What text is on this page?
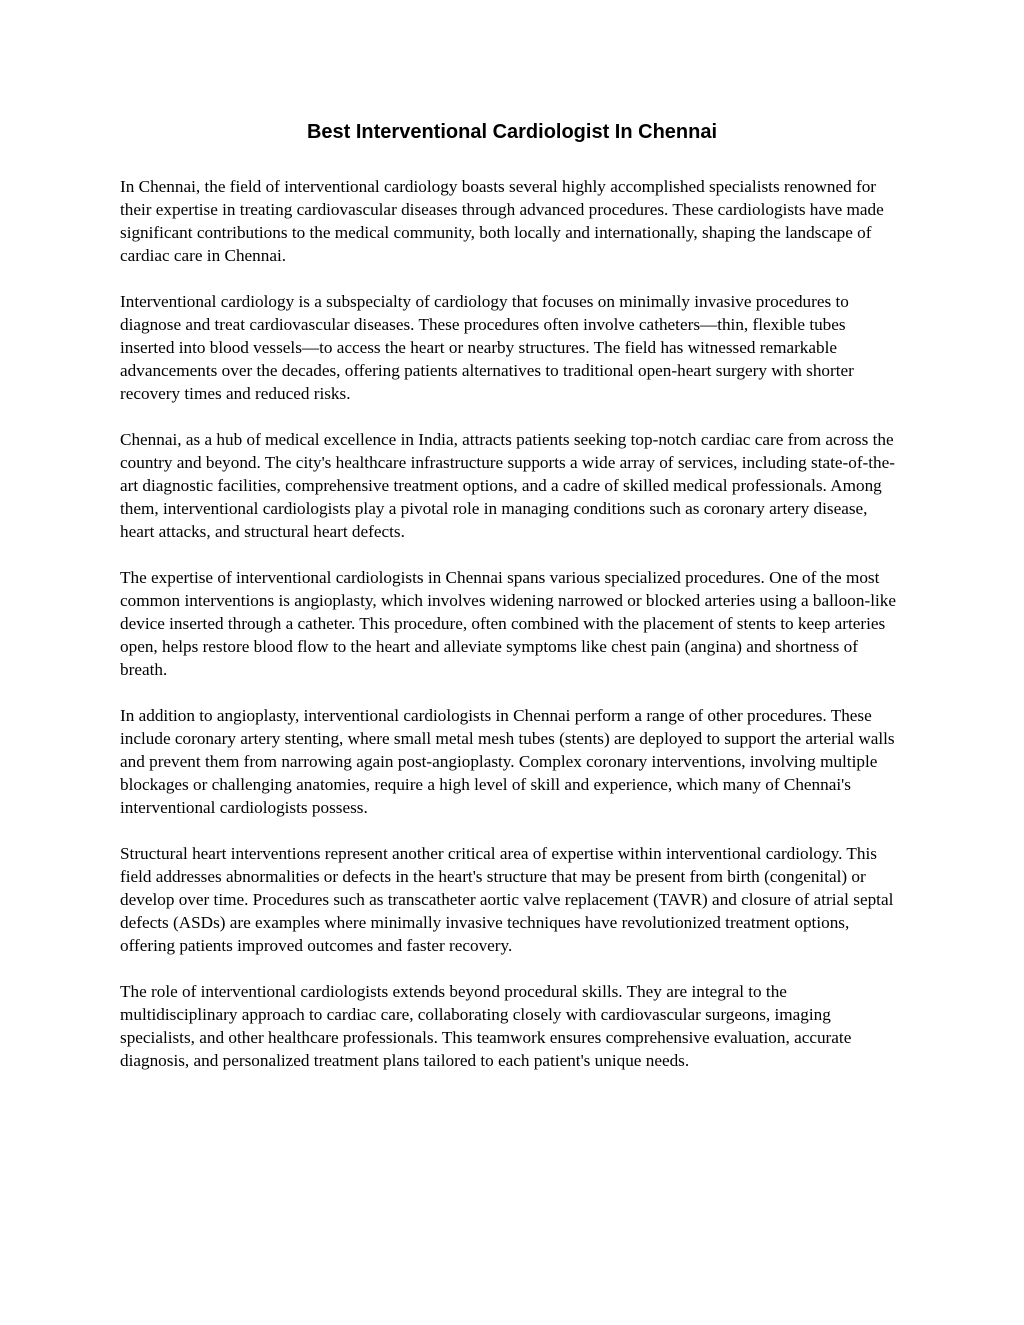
Best Interventional Cardiologist In Chennai

In Chennai, the field of interventional cardiology boasts several highly accomplished specialists renowned for their expertise in treating cardiovascular diseases through advanced procedures. These cardiologists have made significant contributions to the medical community, both locally and internationally, shaping the landscape of cardiac care in Chennai.

Interventional cardiology is a subspecialty of cardiology that focuses on minimally invasive procedures to diagnose and treat cardiovascular diseases. These procedures often involve catheters—thin, flexible tubes inserted into blood vessels—to access the heart or nearby structures. The field has witnessed remarkable advancements over the decades, offering patients alternatives to traditional open-heart surgery with shorter recovery times and reduced risks.

Chennai, as a hub of medical excellence in India, attracts patients seeking top-notch cardiac care from across the country and beyond. The city's healthcare infrastructure supports a wide array of services, including state-of-the-art diagnostic facilities, comprehensive treatment options, and a cadre of skilled medical professionals. Among them, interventional cardiologists play a pivotal role in managing conditions such as coronary artery disease, heart attacks, and structural heart defects.

The expertise of interventional cardiologists in Chennai spans various specialized procedures. One of the most common interventions is angioplasty, which involves widening narrowed or blocked arteries using a balloon-like device inserted through a catheter. This procedure, often combined with the placement of stents to keep arteries open, helps restore blood flow to the heart and alleviate symptoms like chest pain (angina) and shortness of breath.

In addition to angioplasty, interventional cardiologists in Chennai perform a range of other procedures. These include coronary artery stenting, where small metal mesh tubes (stents) are deployed to support the arterial walls and prevent them from narrowing again post-angioplasty. Complex coronary interventions, involving multiple blockages or challenging anatomies, require a high level of skill and experience, which many of Chennai's interventional cardiologists possess.

Structural heart interventions represent another critical area of expertise within interventional cardiology. This field addresses abnormalities or defects in the heart's structure that may be present from birth (congenital) or develop over time. Procedures such as transcatheter aortic valve replacement (TAVR) and closure of atrial septal defects (ASDs) are examples where minimally invasive techniques have revolutionized treatment options, offering patients improved outcomes and faster recovery.

The role of interventional cardiologists extends beyond procedural skills. They are integral to the multidisciplinary approach to cardiac care, collaborating closely with cardiovascular surgeons, imaging specialists, and other healthcare professionals. This teamwork ensures comprehensive evaluation, accurate diagnosis, and personalized treatment plans tailored to each patient's unique needs.
